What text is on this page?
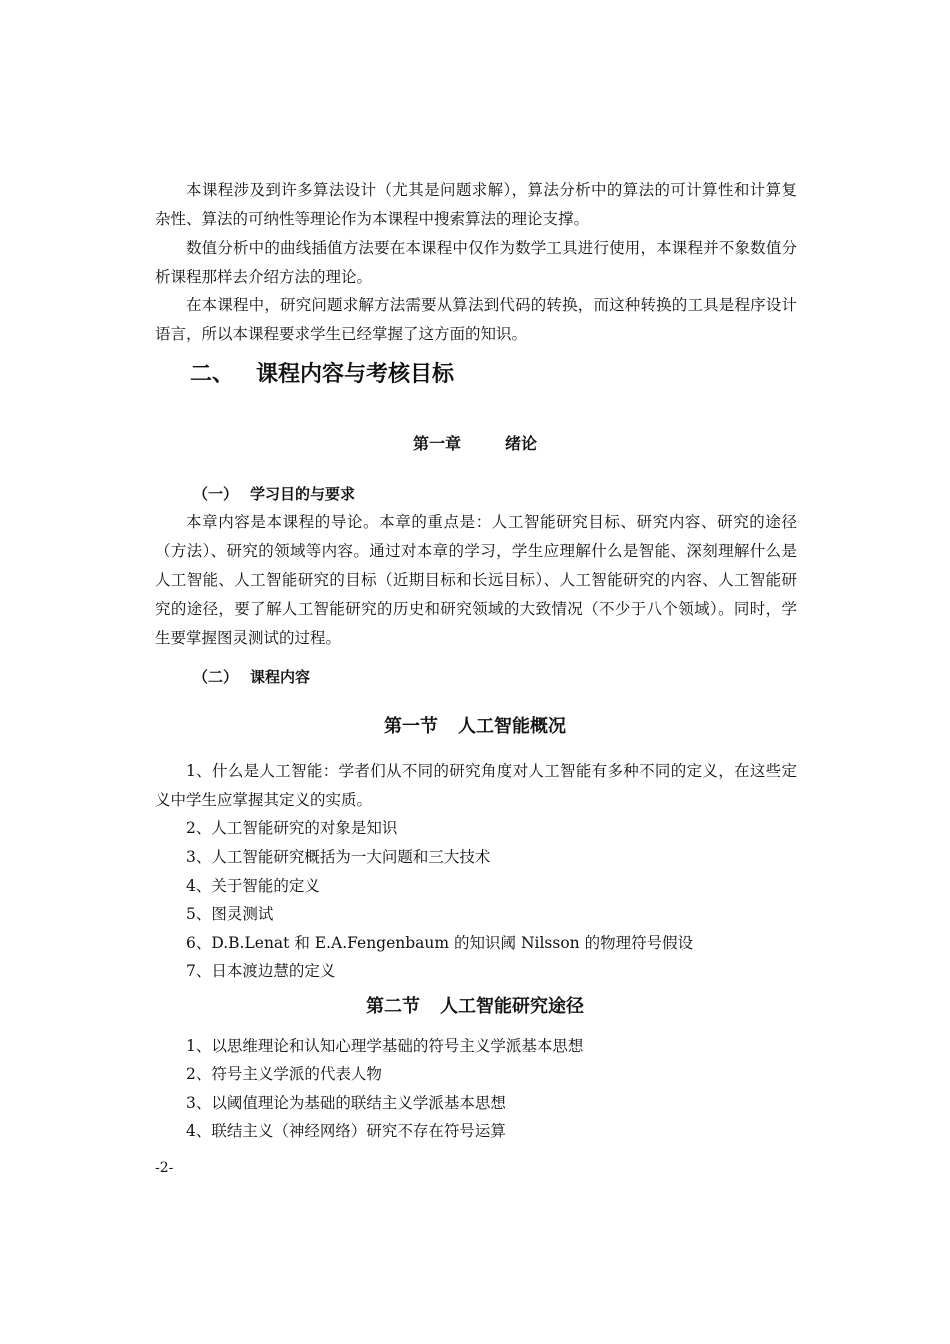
本课程涉及到许多算法设计（尤其是问题求解），算法分析中的算法的可计算性和计算复杂性、算法的可纳性等理论作为本课程中搜索算法的理论支撑。

数值分析中的曲线插值方法要在本课程中仅作为数学工具进行使用，本课程并不象数值分析课程那样去介绍方法的理论。

在本课程中，研究问题求解方法需要从算法到代码的转换，而这种转换的工具是程序设计语言，所以本课程要求学生已经掌握了这方面的知识。

二、 课程内容与考核目标
第一章	绪论
（一） 学习目的与要求

本章内容是本课程的导论。本章的重点是：人工智能研究目标、研究内容、研究的途径（方法）、研究的领域等内容。通过对本章的学习，学生应理解什么是智能、深刻理解什么是人工智能、人工智能研究的目标（近期目标和长远目标）、人工智能研究的内容、人工智能研究的途径，要了解人工智能研究的历史和研究领域的大致情况（不少于八个领域）。同时，学生要掌握图灵测试的过程。

（二） 课程内容
第一节 人工智能概况

1、什么是人工智能：学者们从不同的研究角度对人工智能有多种不同的定义，在这些定义中学生应掌握其定义的实质。

2、人工智能研究的对象是知识

3、人工智能研究概括为一大问题和三大技术

4、关于智能的定义

5、图灵测试

6、D.B.Lenat 和 E.A.Fengenbaum 的知识阈 Nilsson 的物理符号假设

7、日本渡边慧的定义

第二节 人工智能研究途径

1、以思维理论和认知心理学基础的符号主义学派基本思想

2、符号主义学派的代表人物

3、以阈值理论为基础的联结主义学派基本思想

4、联结主义（神经网络）研究不存在符号运算

-2-
